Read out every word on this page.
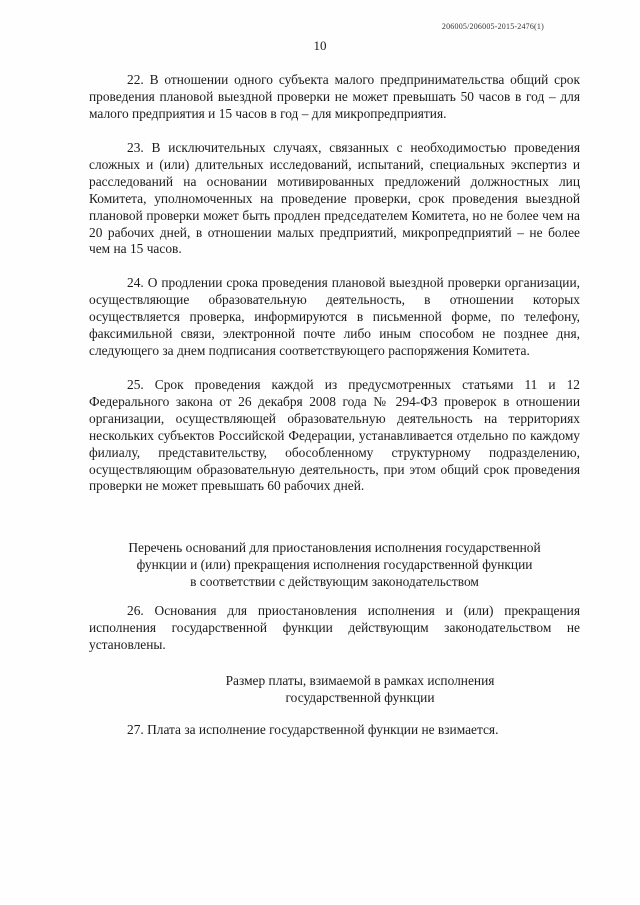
206005/206005-2015-2476(1)
10

22. В отношении одного субъекта малого предпринимательства общий срок проведения плановой выездной проверки не может превышать 50 часов в год – для малого предприятия и 15 часов в год – для микропредприятия.

23. В исключительных случаях, связанных с необходимостью проведения сложных и (или) длительных исследований, испытаний, специальных экспертиз и расследований на основании мотивированных предложений должностных лиц Комитета, уполномоченных на проведение проверки, срок проведения выездной плановой проверки может быть продлен председателем Комитета, но не более чем на 20 рабочих дней, в отношении малых предприятий, микропредприятий – не более чем на 15 часов.

24. О продлении срока проведения плановой выездной проверки организации, осуществляющие образовательную деятельность, в отношении которых осуществляется проверка, информируются в письменной форме, по телефону, факсимильной связи, электронной почте либо иным способом не позднее дня, следующего за днем подписания соответствующего распоряжения Комитета.

25. Срок проведения каждой из предусмотренных статьями 11 и 12 Федерального закона от 26 декабря 2008 года № 294-ФЗ проверок в отношении организации, осуществляющей образовательную деятельность на территориях нескольких субъектов Российской Федерации, устанавливается отдельно по каждому филиалу, представительству, обособленному структурному подразделению, осуществляющим образовательную деятельность, при этом общий срок проведения проверки не может превышать 60 рабочих дней.

Перечень оснований для приостановления исполнения государственной
функции и (или) прекращения исполнения государственной функции
в соответствии с действующим законодательством

26. Основания для приостановления исполнения и (или) прекращения исполнения государственной функции действующим законодательством не установлены.

Размер платы, взимаемой в рамках исполнения
государственной функции

27. Плата за исполнение государственной функции не взимается.
